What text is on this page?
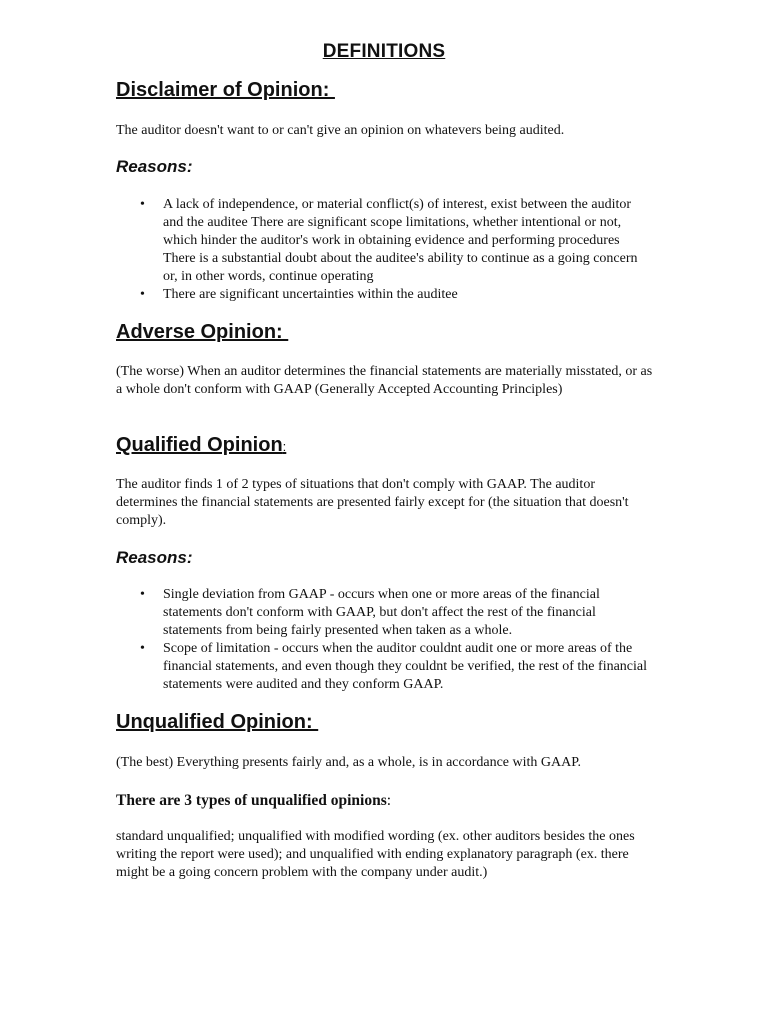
DEFINITIONS
Disclaimer of Opinion:

The auditor doesn't want to or can't give an opinion on whatevers being audited.

Reasons:
• A lack of independence, or material conflict(s) of interest, exist between the auditor and the auditee There are significant scope limitations, whether intentional or not, which hinder the auditor's work in obtaining evidence and performing procedures There is a substantial doubt about the auditee's ability to continue as a going concern or, in other words, continue operating
• There are significant uncertainties within the auditee
Adverse Opinion:

(The worse) When an auditor determines the financial statements are materially misstated, or as a whole don't conform with GAAP (Generally Accepted Accounting Principles)

Qualified Opinion:

The auditor finds 1 of 2 types of situations that don't comply with GAAP. The auditor determines the financial statements are presented fairly except for (the situation that doesn't comply).

Reasons:
• Single deviation from GAAP - occurs when one or more areas of the financial statements don't conform with GAAP, but don't affect the rest of the financial statements from being fairly presented when taken as a whole.
• Scope of limitation - occurs when the auditor couldnt audit one or more areas of the financial statements, and even though they couldnt be verified, the rest of the financial statements were audited and they conform GAAP.
Unqualified Opinion:

(The best) Everything presents fairly and, as a whole, is in accordance with GAAP.

There are 3 types of unqualified opinions:

standard unqualified; unqualified with modified wording (ex. other auditors besides the ones writing the report were used); and unqualified with ending explanatory paragraph (ex. there might be a going concern problem with the company under audit.)
